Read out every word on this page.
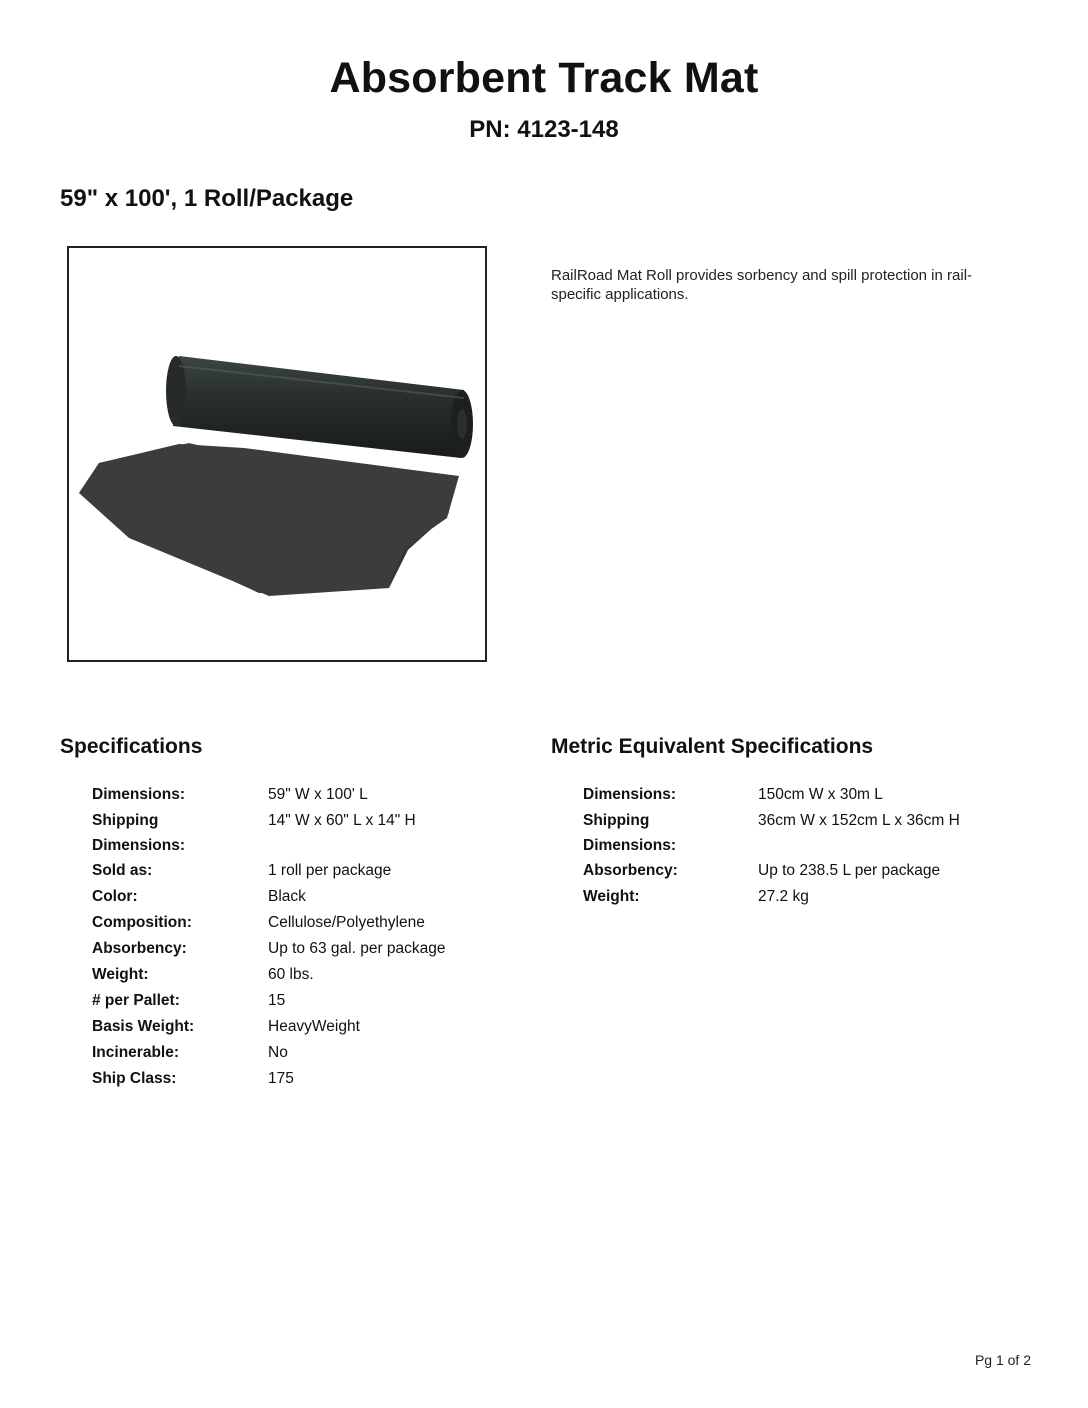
Absorbent Track Mat
PN: 4123-148
59" x 100', 1 Roll/Package
RailRoad Mat Roll provides sorbency and spill protection in rail-specific applications.
Specifications
Dimensions:	59" W x 100' L

Shipping Dimensions:
14" W x 60" L x 14" H
Sold as:	1 roll per package
Color:	Black
Composition:	Cellulose/Polyethylene
Absorbency:	Up to 63 gal. per package
Weight:	60 lbs.
# per Pallet:	15
Basis Weight:	HeavyWeight
Incinerable:	No
Ship Class:	175
Metric Equivalent Specifications
Dimensions:	150cm W x 30m L

Shipping Dimensions:
36cm W x 152cm L x 36cm H
Absorbency:	Up to 238.5 L per package
Weight:	27.2 kg
Pg 1 of 2
